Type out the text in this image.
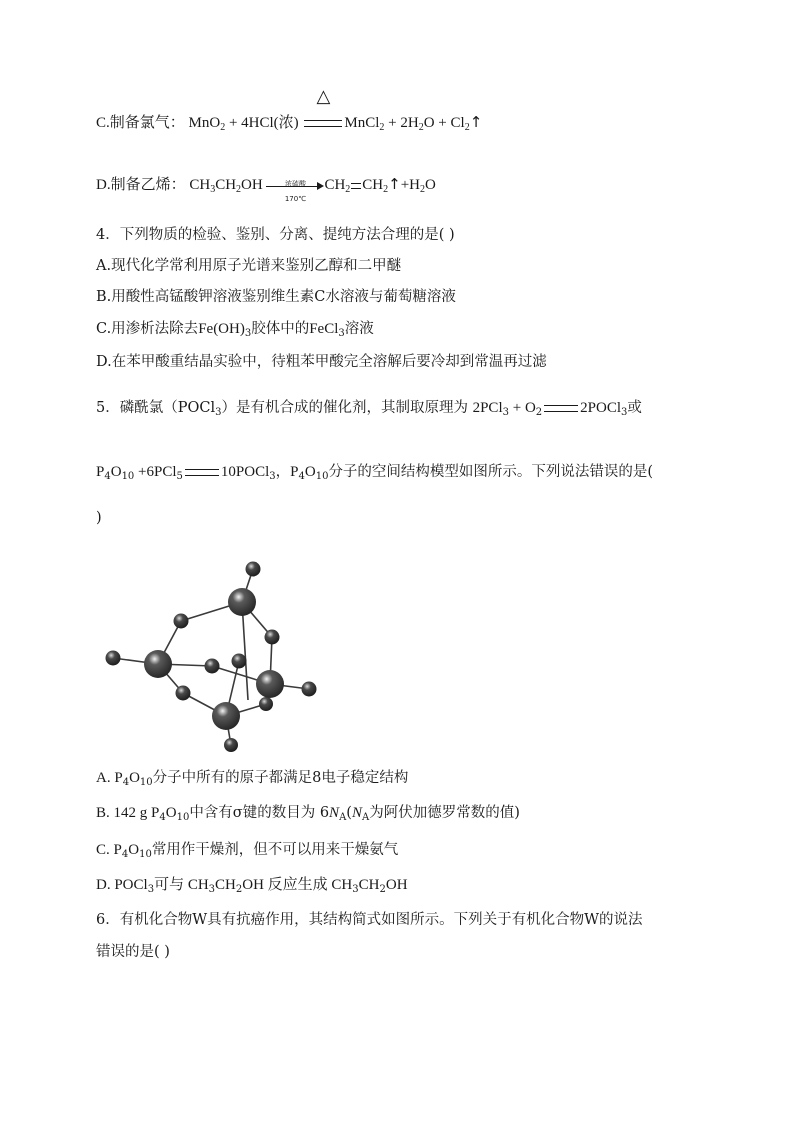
C.制备氯气： MnO$_2$ + 4HCl(浓)
△
MnCl$_2$ + $2H_2O$ + $Cl_2↑$
D.制备乙烯： $CH_3CH_2OH$	浓硫酸
170℃
$CH_2$ $CH_2↑+H_2O$
4．下列物质的检验、鉴别、分离、提纯方法合理的是( )
A.现代化学常利用原子光谱来鉴别乙醇和二甲醚
B.用酸性高锰酸钾溶液鉴别维生素C水溶液与葡萄糖溶液
C.用渗析法除去$Fe(OH)_3$胶体中的FeCl$_3$溶液
D.在苯甲酸重结晶实验中，待粗苯甲酸完全溶解后要冷却到常温再过滤
5．磷酰氯（POCl$_3$）是有机合成的催化剂，其制取原理为 $2PCl_3 + O_2$	2POCl$_3$或
$P_4O_{10} +6PCl_5$	10POCl$_3$，$P_4O_{10}$分子的空间结构模型如图所示。下列说法错误的是(
)
A. $P_4O_{10}$分子中所有的原子都满足8电子稳定结构
B. 142 g $P_4O_{10}$中含有σ键的数目为 $6N_A(N_A$为阿伏加德罗常数的值)
C. $P_4O_{10}$常用作干燥剂，但不可以用来干燥氨气
D. POCl$_3$可与 $CH_3CH_2OH$ 反应生成 $CH_3CH_2OH$
6．有机化合物W具有抗癌作用，其结构简式如图所示。下列关于有机化合物W的说法
错误的是( )
